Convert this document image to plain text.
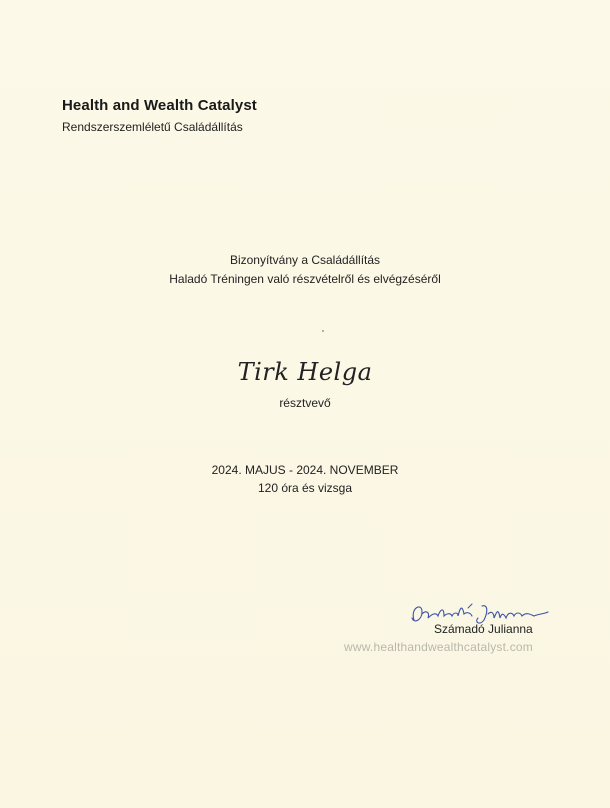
Health and Wealth Catalyst
Rendszerszemléletű Családállítás
Bizonyítvány a Családállítás
Haladó Tréningen való részvételről és elvégzéséről
Tirk Helga
résztvevő
2024. MAJUS - 2024. NOVEMBER
120 óra és vizsga
Számadó Julianna
www.healthandwealthcatalyst.com
